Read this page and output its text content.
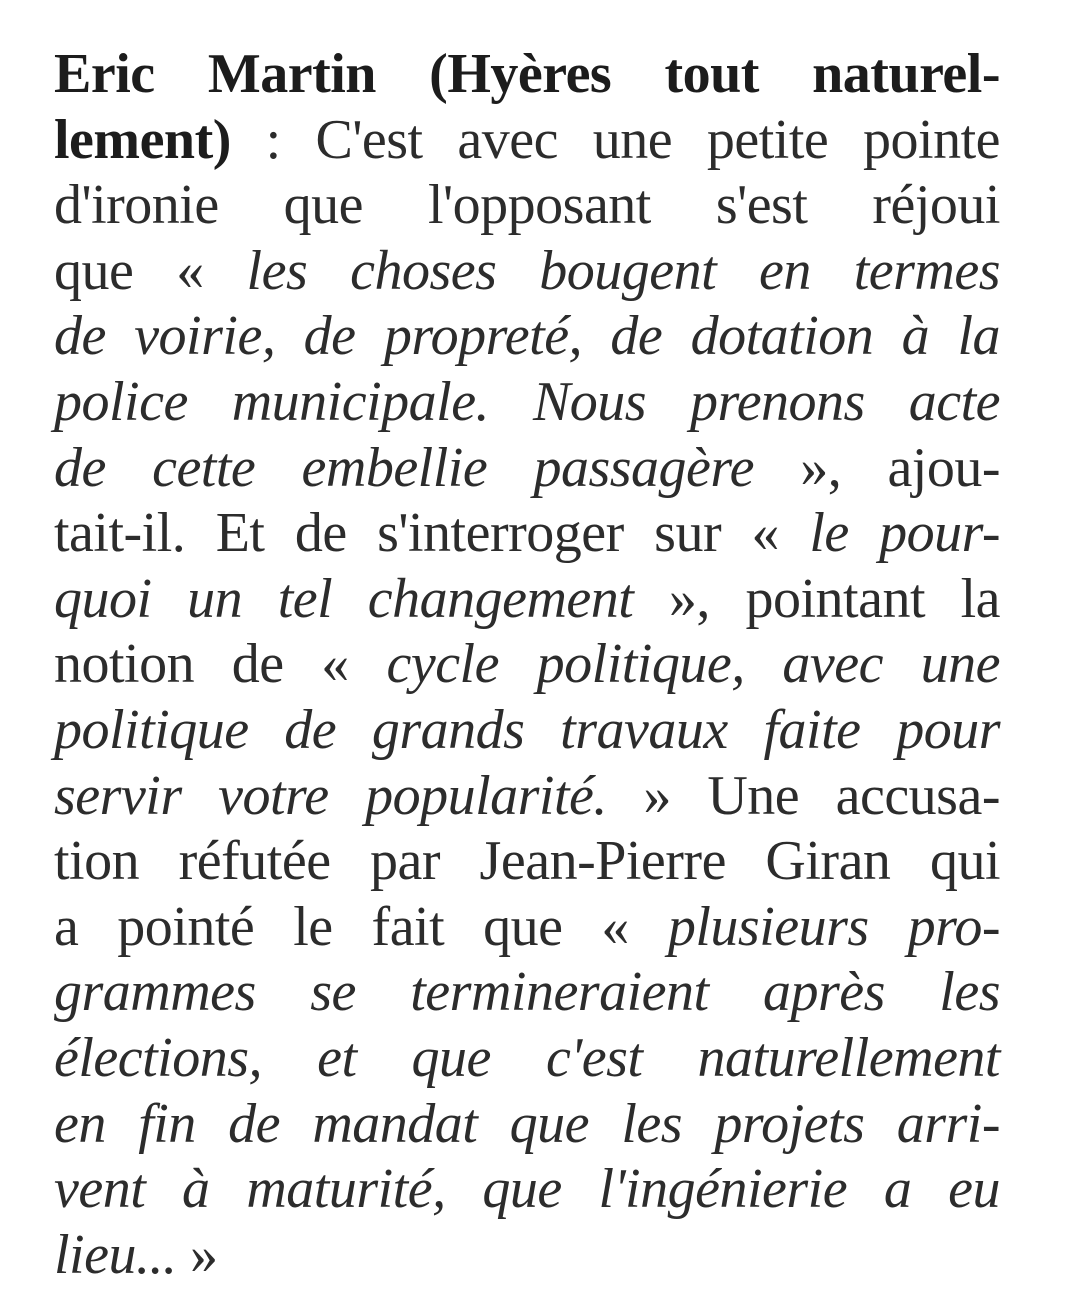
Eric Martin (Hyères tout naturel-
lement) : C'est avec une petite pointe
d'ironie que l'opposant s'est réjoui
que « les choses bougent en termes
de voirie, de propreté, de dotation à la
police municipale. Nous prenons acte
de cette embellie passagère », ajou-
tait-il. Et de s'interroger sur « le pour-
quoi un tel changement », pointant la
notion de « cycle politique, avec une
politique de grands travaux faite pour
servir votre popularité. » Une accusa-
tion réfutée par Jean-Pierre Giran qui
a pointé le fait que « plusieurs pro-
grammes se termineraient après les
élections, et que c'est naturellement
en fin de mandat que les projets arri-
vent à maturité, que l'ingénierie a eu
lieu... »
